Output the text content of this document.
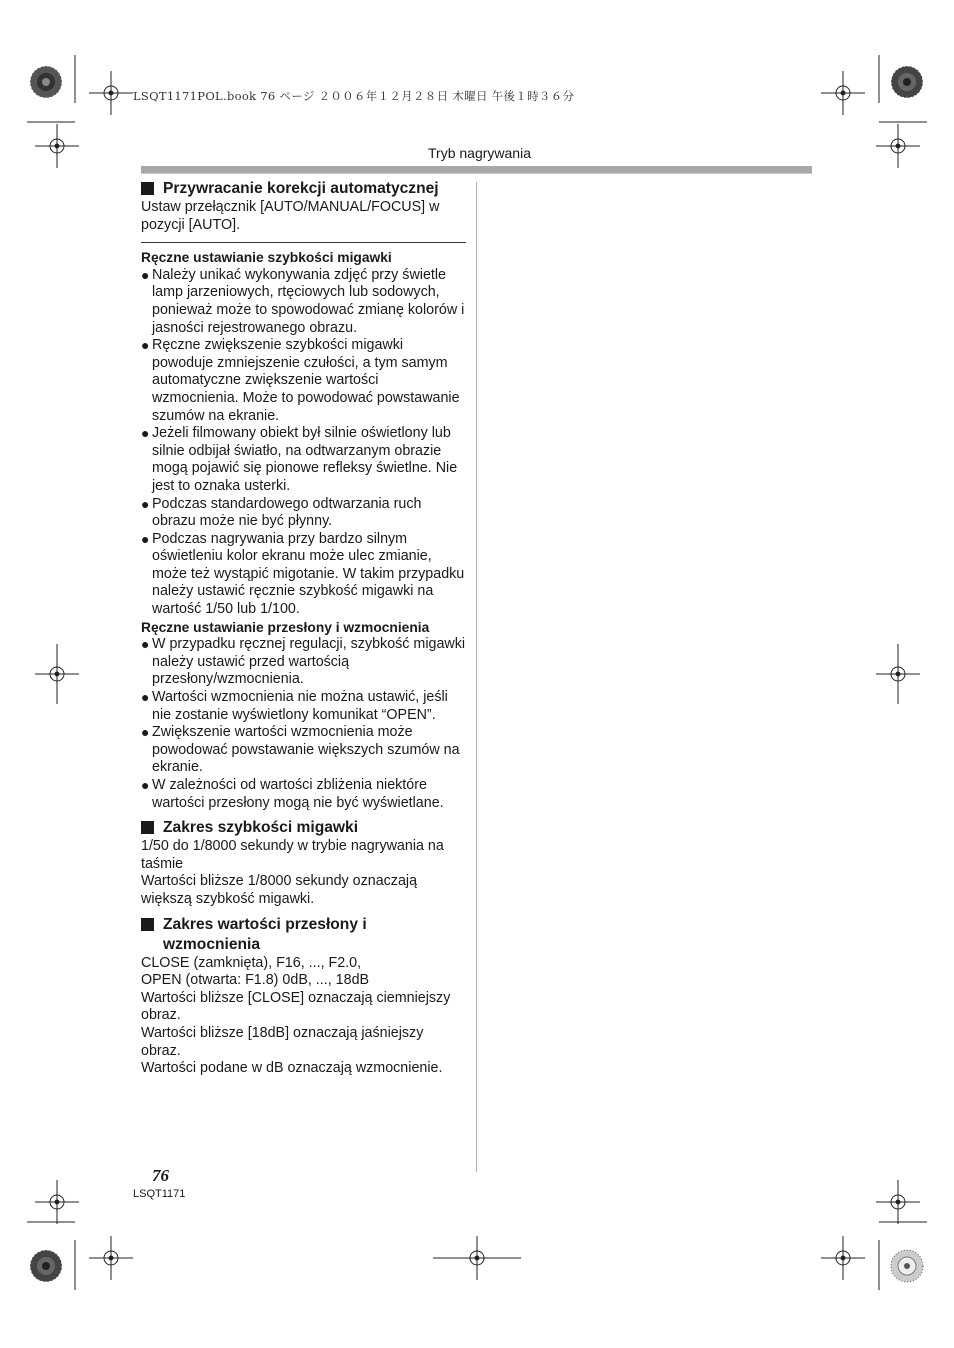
LSQT1171POL.book 76 ページ ２００６年１２月２８日 木曜日 午後１時３６分
Tryb nagrywania
Przywracanie korekcji automatycznej

Ustaw przełącznik [AUTO/MANUAL/FOCUS] w pozycji [AUTO].

Ręczne ustawianie szybkości migawki
● Należy unikać wykonywania zdjęć przy świetle lamp jarzeniowych, rtęciowych lub sodowych, ponieważ może to spowodować zmianę kolorów i jasności rejestrowanego obrazu.
● Ręczne zwiększenie szybkości migawki powoduje zmniejszenie czułości, a tym samym automatyczne zwiększenie wartości wzmocnienia. Może to powodować powstawanie szumów na ekranie.
● Jeżeli filmowany obiekt był silnie oświetlony lub silnie odbijał światło, na odtwarzanym obrazie mogą pojawić się pionowe refleksy świetlne. Nie jest to oznaka usterki.
● Podczas standardowego odtwarzania ruch obrazu może nie być płynny.
● Podczas nagrywania przy bardzo silnym oświetleniu kolor ekranu może ulec zmianie, może też wystąpić migotanie. W takim przypadku należy ustawić ręcznie szybkość migawki na wartość 1/50 lub 1/100.
Ręczne ustawianie przesłony i wzmocnienia
● W przypadku ręcznej regulacji, szybkość migawki należy ustawić przed wartością przesłony/wzmocnienia.
● Wartości wzmocnienia nie można ustawić, jeśli nie zostanie wyświetlony komunikat “OPEN”.
● Zwiększenie wartości wzmocnienia może powodować powstawanie większych szumów na ekranie.
● W zależności od wartości zbliżenia niektóre wartości przesłony mogą nie być wyświetlane.
Zakres szybkości migawki

1/50 do 1/8000 sekundy w trybie nagrywania na taśmie

Wartości bliższe 1/8000 sekundy oznaczają większą szybkość migawki.

Zakres wartości przesłony i wzmocnienia

CLOSE (zamknięta), F16, ..., F2.0,

OPEN (otwarta: F1.8) 0dB, ..., 18dB

Wartości bliższe [CLOSE] oznaczają ciemniejszy obraz.

Wartości bliższe [18dB] oznaczają jaśniejszy obraz.

Wartości podane w dB oznaczają wzmocnienie.

76
LSQT1171
